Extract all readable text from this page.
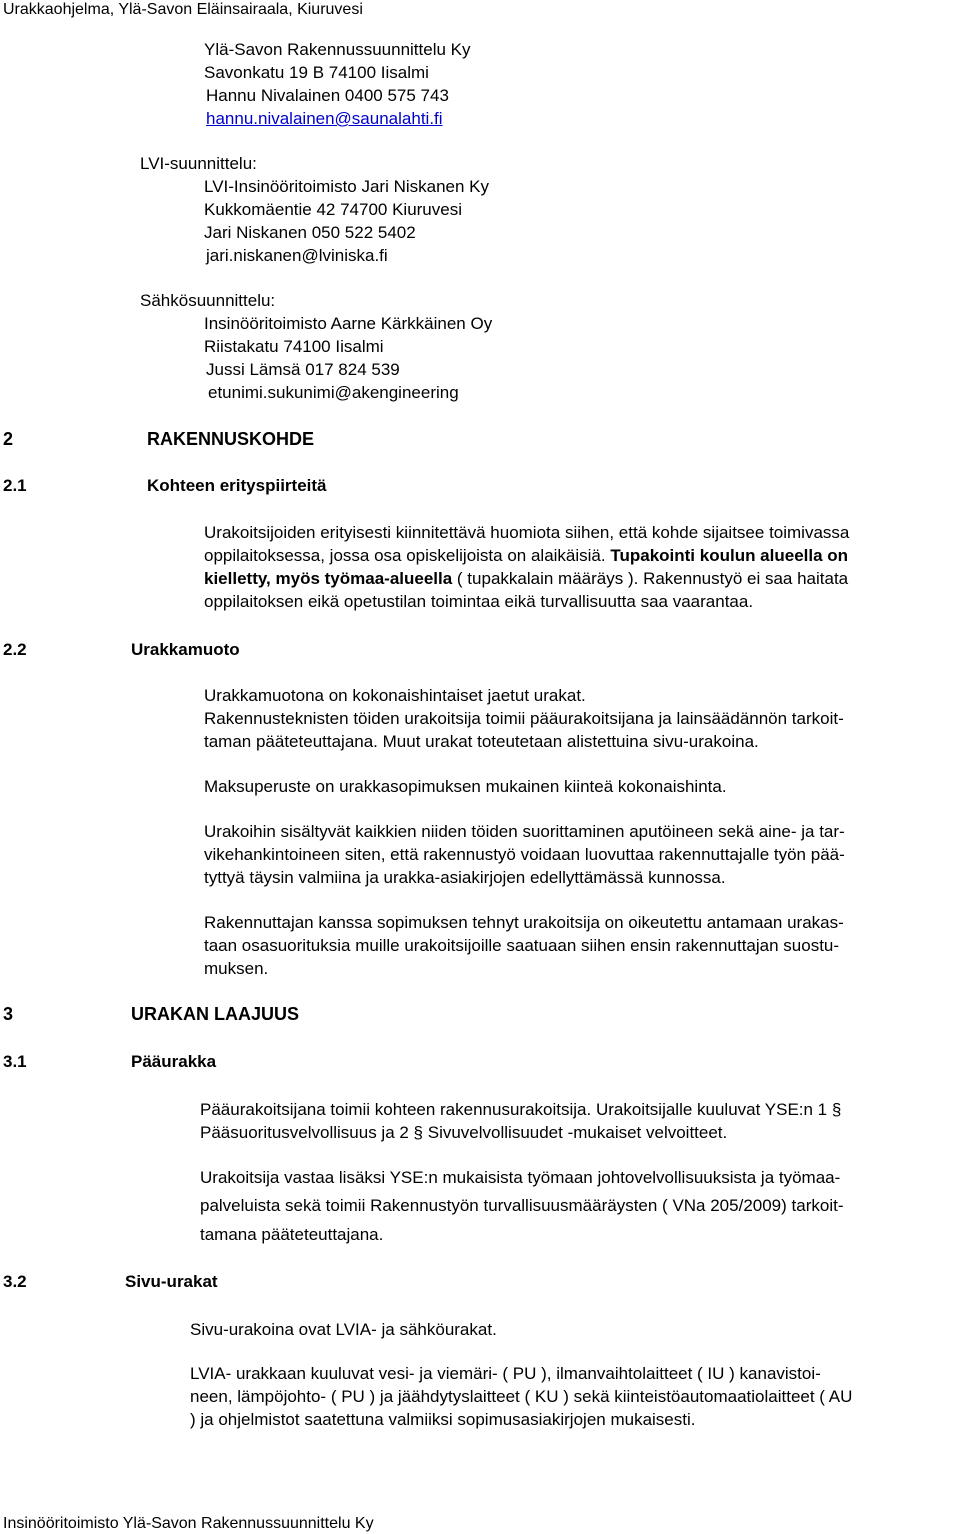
Urakkaohjelma, Ylä-Savon Eläinsairaala, Kiuruvesi
Ylä-Savon Rakennussuunnittelu Ky
Savonkatu 19 B 74100 Iisalmi
Hannu Nivalainen 0400 575 743
hannu.nivalainen@saunalahti.fi
LVI-suunnittelu:
LVI-Insinööritoimisto Jari Niskanen Ky
Kukkomäentie 42 74700 Kiuruvesi
Jari Niskanen 050 522 5402
jari.niskanen@lviniska.fi
Sähkösuunnittelu:
Insinööritoimisto Aarne Kärkkäinen Oy
Riistakatu 74100 Iisalmi
Jussi Lämsä 017 824 539
etunimi.sukunimi@akengineering
2	RAKENNUSKOHDE
2.1	Kohteen erityspiirteitä
Urakoitsijoiden erityisesti kiinnitettävä huomiota siihen, että kohde sijaitsee toimivassa
oppilaitoksessa, jossa osa opiskelijoista on alaikäisiä. Tupakointi koulun alueella on
kielletty, myös työmaa-alueella ( tupakkalain määräys ). Rakennustyö ei saa haitata
oppilaitoksen eikä opetustilan toimintaa eikä turvallisuutta saa vaarantaa.
2.2	Urakkamuoto
Urakkamuotona on kokonaishintaiset jaetut urakat.
Rakennusteknisten töiden urakoitsija toimii pääurakoitsijana ja lainsäädännön tarkoit-
taman pääteteuttajana. Muut urakat toteutetaan alistettuina sivu-urakoina.
Maksuperuste on urakkasopimuksen mukainen kiinteä kokonaishinta.
Urakoihin sisältyvät kaikkien niiden töiden suorittaminen aputöineen sekä aine- ja tar-
vikehankintoineen siten, että rakennustyö voidaan luovuttaa rakennuttajalle työn pää-
tyttyä täysin valmiina ja urakka-asiakirjojen edellyttämässä kunnossa.
Rakennuttajan kanssa sopimuksen tehnyt urakoitsija on oikeutettu antamaan urakas-
taan osasuorituksia muille urakoitsijoille saatuaan siihen ensin rakennuttajan suostu-
muksen.
3	URAKAN LAAJUUS
3.1	Pääurakka
Pääurakoitsijana toimii kohteen rakennusurakoitsija. Urakoitsijalle kuuluvat YSE:n 1 §
Pääsuoritusvelvollisuus ja 2 § Sivuvelvollisuudet -mukaiset velvoitteet.
Urakoitsija vastaa lisäksi YSE:n mukaisista työmaan johtovelvollisuuksista ja työmaa-
palveluista sekä toimii Rakennustyön turvallisuusmääräysten ( VNa 205/2009) tarkoit-
tamana pääteteuttajana.
3.2	Sivu-urakat
Sivu-urakoina ovat LVIA- ja sähköurakat.
LVIA- urakkaan kuuluvat vesi- ja viemäri- ( PU ), ilmanvaihtolaitteet ( IU ) kanavistoi-
neen, lämpöjohto- ( PU ) ja jäähdytyslaitteet ( KU ) sekä kiinteistöautomaatiolaitteet ( AU
) ja ohjelmistot saatettuna valmiiksi sopimusasiakirjojen mukaisesti.
Insinööritoimisto Ylä-Savon Rakennussuunnittelu Ky
